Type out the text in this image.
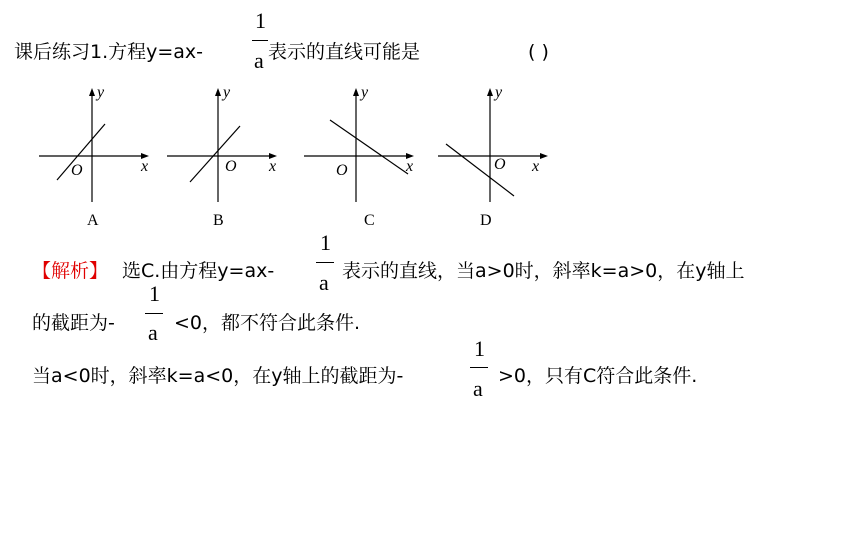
课后练习1.方程y=ax-
1
a 表示的直线可能是	( )
y
x
O
A
y
x
O
B
y
x
O
C
y
x
O
D
【解析】 选C.由方程y=ax-
1
a 表示的直线，当a>0时，斜率k=a>0，在y轴上
的截距为-
1
a <0，都不符合此条件.
当a<0时，斜率k=a<0，在y轴上的截距为-
1
a >0，只有C符合此条件.
